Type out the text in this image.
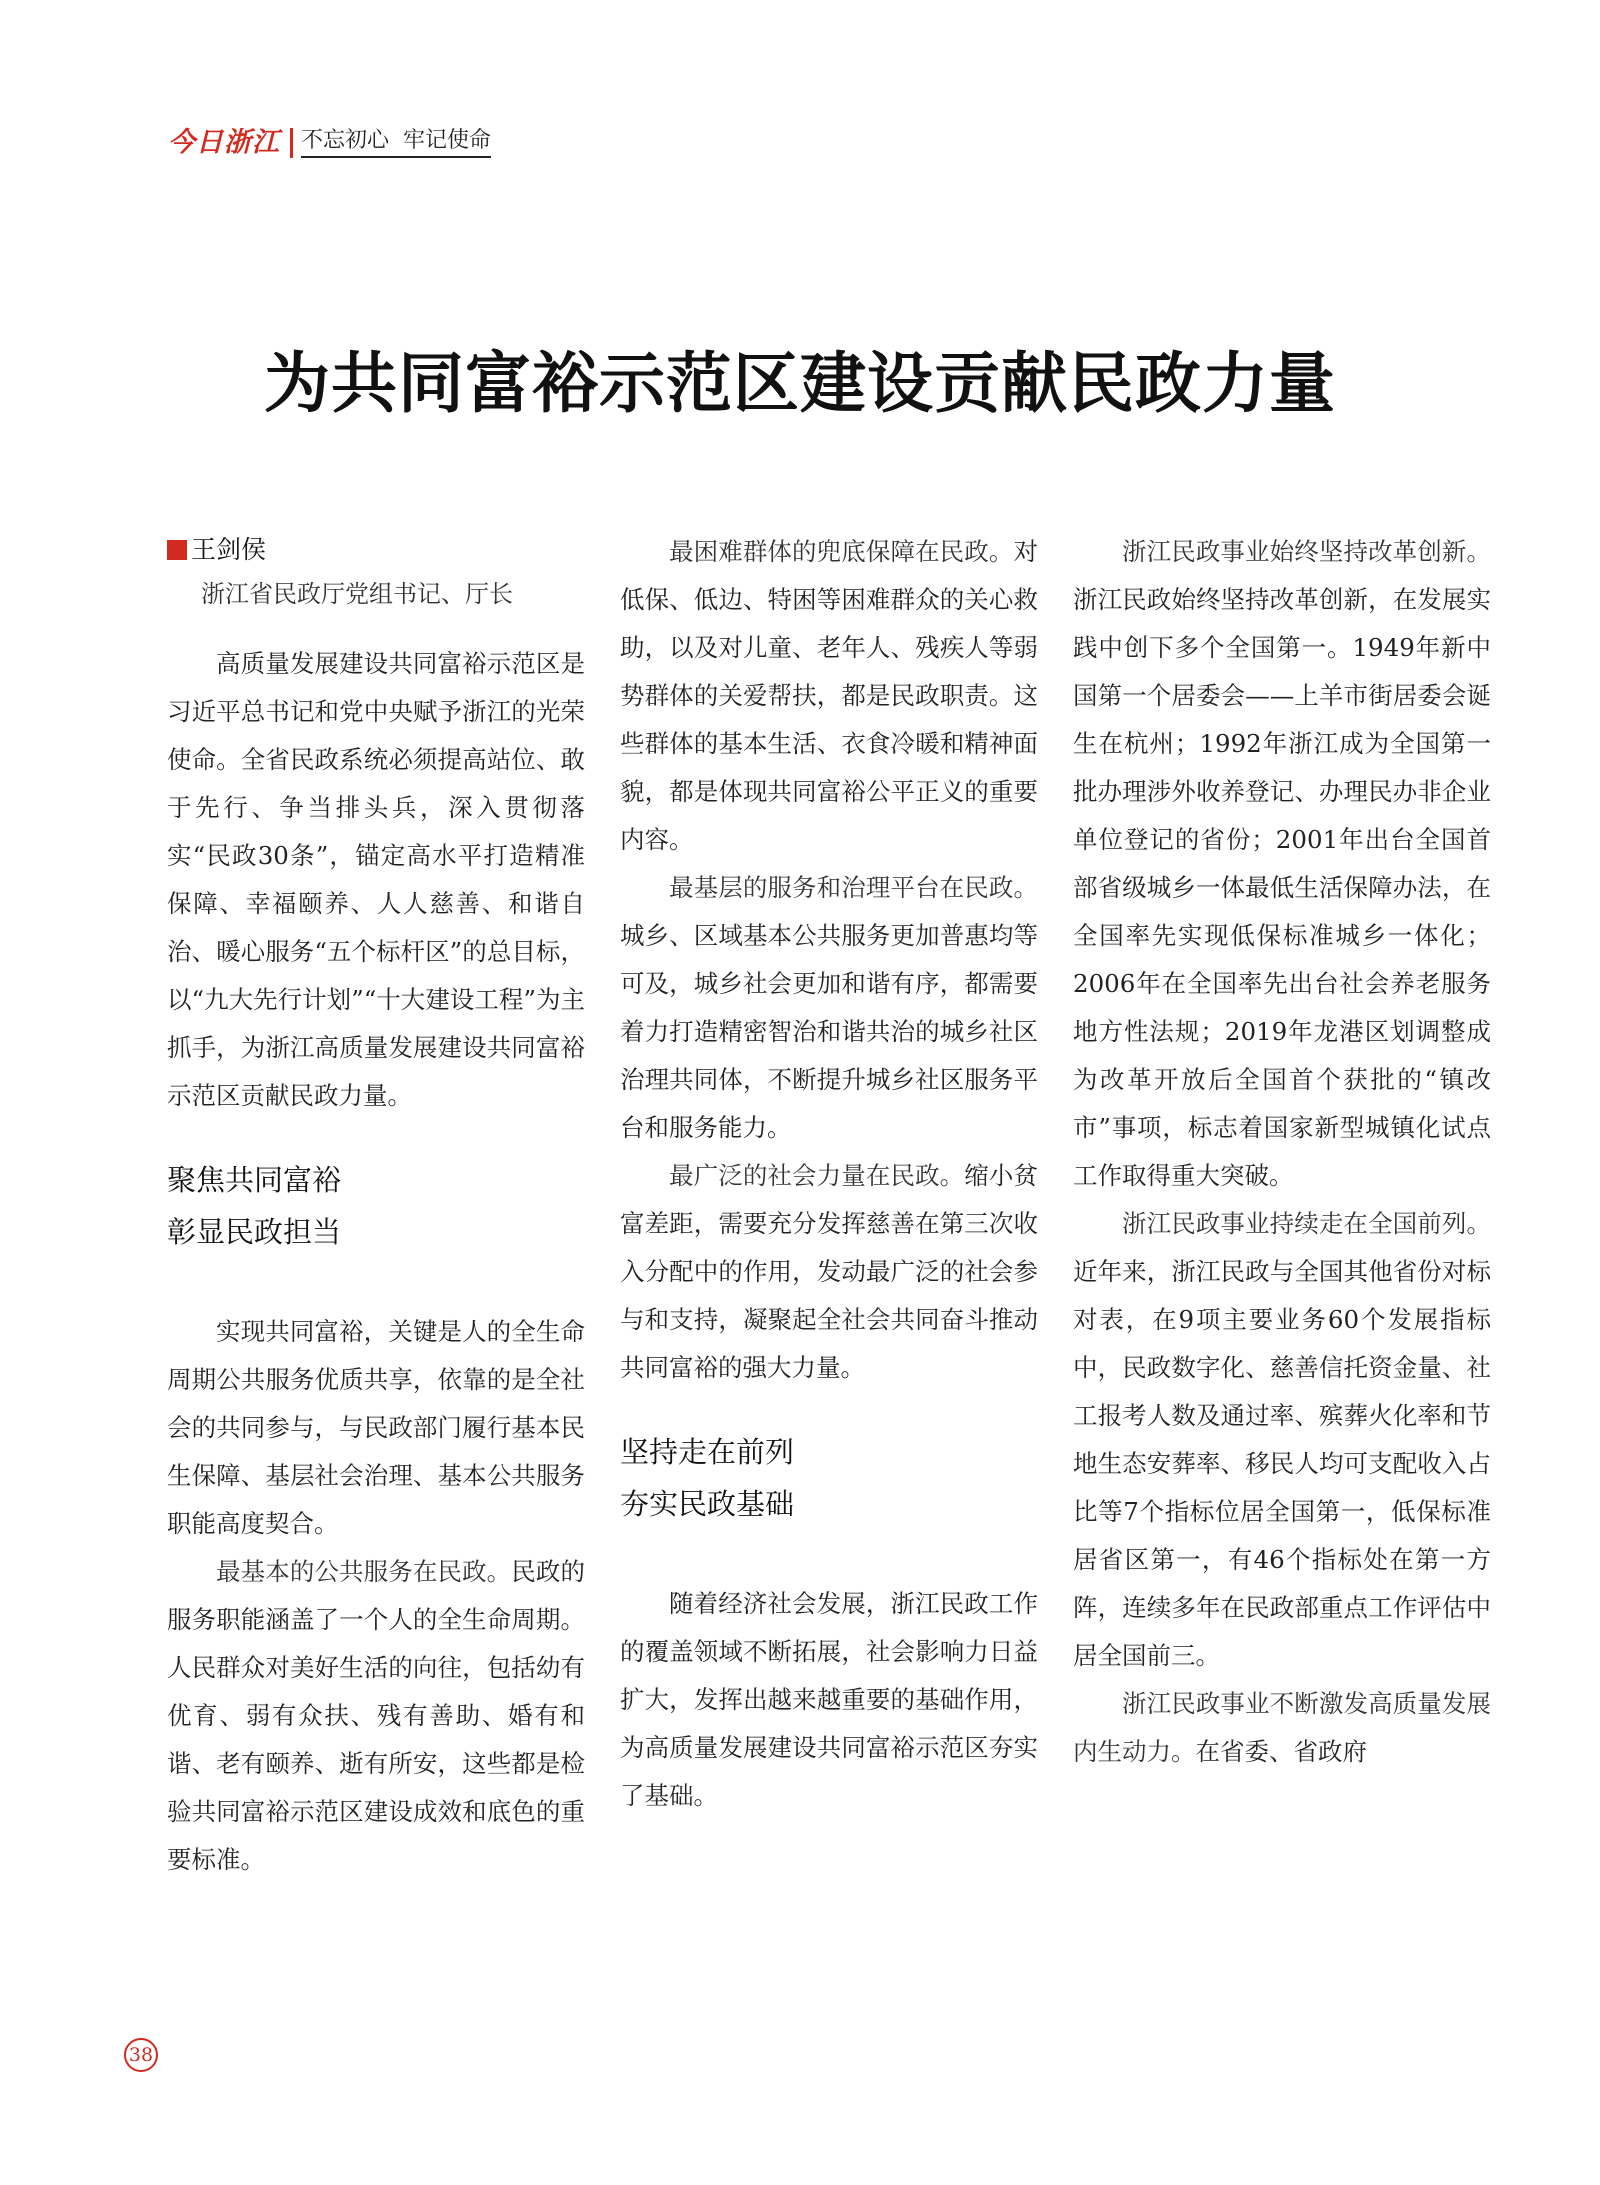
今日浙江 不忘初心  牢记使命
为共同富裕示范区建设贡献民政力量
王剑侯
浙江省民政厅党组书记、厅长

高质量发展建设共同富裕示范区是习近平总书记和党中央赋予浙江的光荣使命。全省民政系统必须提高站位、敢于先行、争当排头兵，深入贯彻落实“民政30条”，锚定高水平打造精准保障、幸福颐养、人人慈善、和谐自治、暖心服务“五个标杆区”的总目标，以“九大先行计划”“十大建设工程”为主抓手，为浙江高质量发展建设共同富裕示范区贡献民政力量。

聚焦共同富裕
彰显民政担当

实现共同富裕，关键是人的全生命周期公共服务优质共享，依靠的是全社会的共同参与，与民政部门履行基本民生保障、基层社会治理、基本公共服务职能高度契合。

最基本的公共服务在民政。民政的服务职能涵盖了一个人的全生命周期。人民群众对美好生活的向往，包括幼有优育、弱有众扶、残有善助、婚有和谐、老有颐养、逝有所安，这些都是检验共同富裕示范区建设成效和底色的重要标准。

最困难群体的兜底保障在民政。对低保、低边、特困等困难群众的关心救助，以及对儿童、老年人、残疾人等弱势群体的关爱帮扶，都是民政职责。这些群体的基本生活、衣食冷暖和精神面貌，都是体现共同富裕公平正义的重要内容。

最基层的服务和治理平台在民政。城乡、区域基本公共服务更加普惠均等可及，城乡社会更加和谐有序，都需要着力打造精密智治和谐共治的城乡社区治理共同体，不断提升城乡社区服务平台和服务能力。

最广泛的社会力量在民政。缩小贫富差距，需要充分发挥慈善在第三次收入分配中的作用，发动最广泛的社会参与和支持，凝聚起全社会共同奋斗推动共同富裕的强大力量。

坚持走在前列
夯实民政基础

随着经济社会发展，浙江民政工作的覆盖领域不断拓展，社会影响力日益扩大，发挥出越来越重要的基础作用，为高质量发展建设共同富裕示范区夯实了基础。

浙江民政事业始终坚持改革创新。浙江民政始终坚持改革创新，在发展实践中创下多个全国第一。1949年新中国第一个居委会——上羊市街居委会诞生在杭州；1992年浙江成为全国第一批办理涉外收养登记、办理民办非企业单位登记的省份；2001年出台全国首部省级城乡一体最低生活保障办法，在全国率先实现低保标准城乡一体化；2006年在全国率先出台社会养老服务地方性法规；2019年龙港区划调整成为改革开放后全国首个获批的“镇改市”事项，标志着国家新型城镇化试点工作取得重大突破。

浙江民政事业持续走在全国前列。近年来，浙江民政与全国其他省份对标对表，在9项主要业务60个发展指标中，民政数字化、慈善信托资金量、社工报考人数及通过率、殡葬火化率和节地生态安葬率、移民人均可支配收入占比等7个指标位居全国第一，低保标准居省区第一，有46个指标处在第一方阵，连续多年在民政部重点工作评估中居全国前三。

浙江民政事业不断激发高质量发展内生动力。在省委、省政府

38
